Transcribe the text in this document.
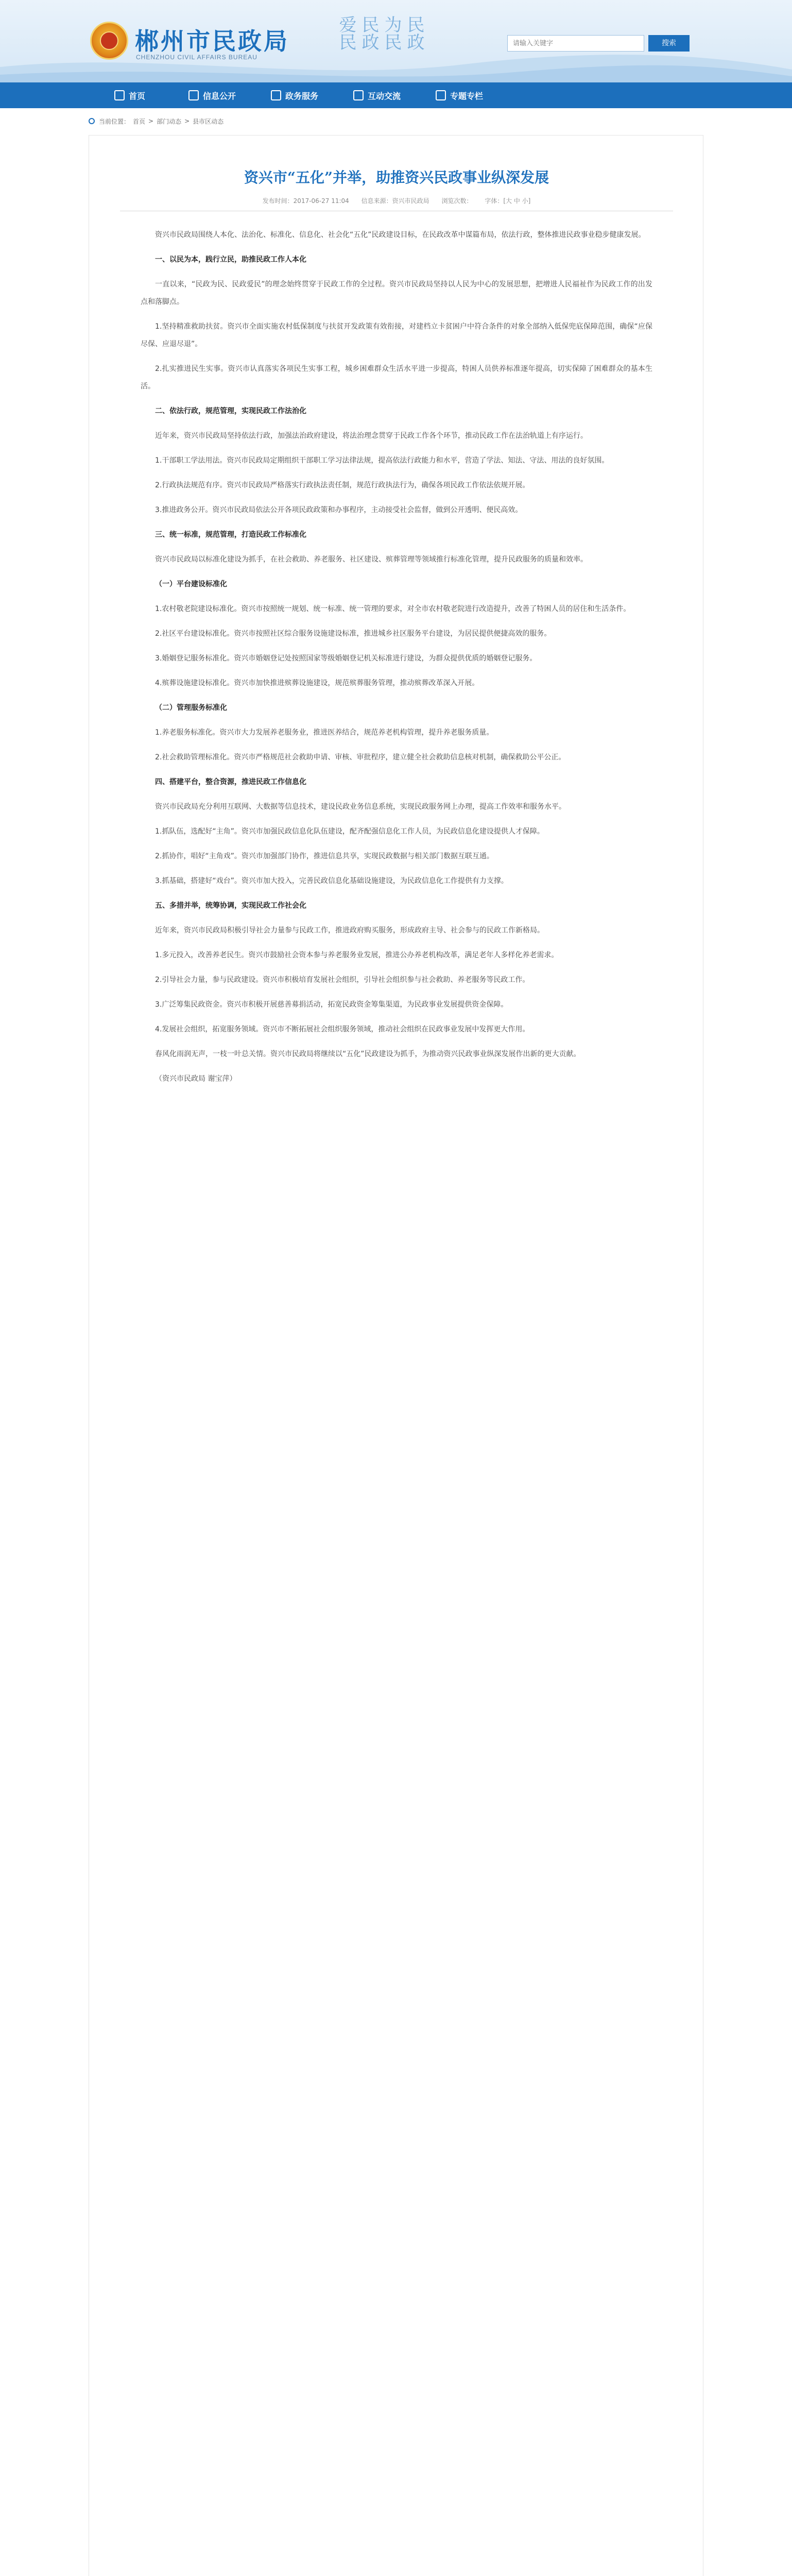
郴州市民政局
CHENZHOU CIVIL AFFAIRS BUREAU
民政为民 民政爱民
请输入关键字	搜索
首页	信息公开	政务服务	互动交流	专题专栏
当前位置： 首页 > 部门动态 > 县市区动态
资兴市“五化”并举，助推资兴民政事业纵深发展
发布时间：2017-06-27 11:04 信息来源：资兴市民政局 浏览次数： 字体：[大 中 小]

资兴市民政局围绕人本化、法治化、标准化、信息化、社会化“五化”民政建设目标，在民政改革中谋篇布局，依法行政，整体推进民政事业稳步健康发展。

一、以民为本，践行立民，助推民政工作人本化

一直以来，“民政为民、民政爱民”的理念始终贯穿于民政工作的全过程。资兴市民政局坚持以人民为中心的发展思想，把增进人民福祉作为民政工作的出发点和落脚点。

1.坚持精准救助扶贫。资兴市全面实施农村低保制度与扶贫开发政策有效衔接，对建档立卡贫困户中符合条件的对象全部纳入低保兜底保障范围，确保“应保尽保、应退尽退”。

2.扎实推进民生实事。资兴市认真落实各项民生实事工程，城乡困难群众生活水平进一步提高，特困人员供养标准逐年提高，切实保障了困难群众的基本生活。

二、依法行政，规范管理，实现民政工作法治化

近年来，资兴市民政局坚持依法行政，加强法治政府建设，将法治理念贯穿于民政工作各个环节，推动民政工作在法治轨道上有序运行。

1.干部职工学法用法。资兴市民政局定期组织干部职工学习法律法规，提高依法行政能力和水平，营造了学法、知法、守法、用法的良好氛围。

2.行政执法规范有序。资兴市民政局严格落实行政执法责任制，规范行政执法行为，确保各项民政工作依法依规开展。

3.推进政务公开。资兴市民政局依法公开各项民政政策和办事程序，主动接受社会监督，做到公开透明、便民高效。

三、统一标准，规范管理，打造民政工作标准化

资兴市民政局以标准化建设为抓手，在社会救助、养老服务、社区建设、殡葬管理等领域推行标准化管理，提升民政服务的质量和效率。

（一）平台建设标准化

1.农村敬老院建设标准化。资兴市按照统一规划、统一标准、统一管理的要求，对全市农村敬老院进行改造提升，改善了特困人员的居住和生活条件。

2.社区平台建设标准化。资兴市按照社区综合服务设施建设标准，推进城乡社区服务平台建设，为居民提供便捷高效的服务。

3.婚姻登记服务标准化。资兴市婚姻登记处按照国家等级婚姻登记机关标准进行建设，为群众提供优质的婚姻登记服务。

4.殡葬设施建设标准化。资兴市加快推进殡葬设施建设，规范殡葬服务管理，推动殡葬改革深入开展。

（二）管理服务标准化

1.养老服务标准化。资兴市大力发展养老服务业，推进医养结合，规范养老机构管理，提升养老服务质量。

2.社会救助管理标准化。资兴市严格规范社会救助申请、审核、审批程序，建立健全社会救助信息核对机制，确保救助公平公正。

四、搭建平台，整合资源，推进民政工作信息化

资兴市民政局充分利用互联网、大数据等信息技术，建设民政业务信息系统，实现民政服务网上办理，提高工作效率和服务水平。

1.抓队伍，选配好“主角”。资兴市加强民政信息化队伍建设，配齐配强信息化工作人员，为民政信息化建设提供人才保障。

2.抓协作，唱好“主角戏”。资兴市加强部门协作，推进信息共享，实现民政数据与相关部门数据互联互通。

3.抓基础，搭建好“戏台”。资兴市加大投入，完善民政信息化基础设施建设，为民政信息化工作提供有力支撑。

五、多措并举，统筹协调，实现民政工作社会化

近年来，资兴市民政局积极引导社会力量参与民政工作，推进政府购买服务，形成政府主导、社会参与的民政工作新格局。

1.多元投入，改善养老民生。资兴市鼓励社会资本参与养老服务业发展，推进公办养老机构改革，满足老年人多样化养老需求。

2.引导社会力量，参与民政建设。资兴市积极培育发展社会组织，引导社会组织参与社会救助、养老服务等民政工作。

3.广泛筹集民政资金。资兴市积极开展慈善募捐活动，拓宽民政资金筹集渠道，为民政事业发展提供资金保障。

4.发展社会组织，拓宽服务领域。资兴市不断拓展社会组织服务领域，推动社会组织在民政事业发展中发挥更大作用。

春风化雨润无声，一枝一叶总关情。资兴市民政局将继续以“五化”民政建设为抓手，为推动资兴民政事业纵深发展作出新的更大贡献。

（资兴市民政局 谢宝萍）
